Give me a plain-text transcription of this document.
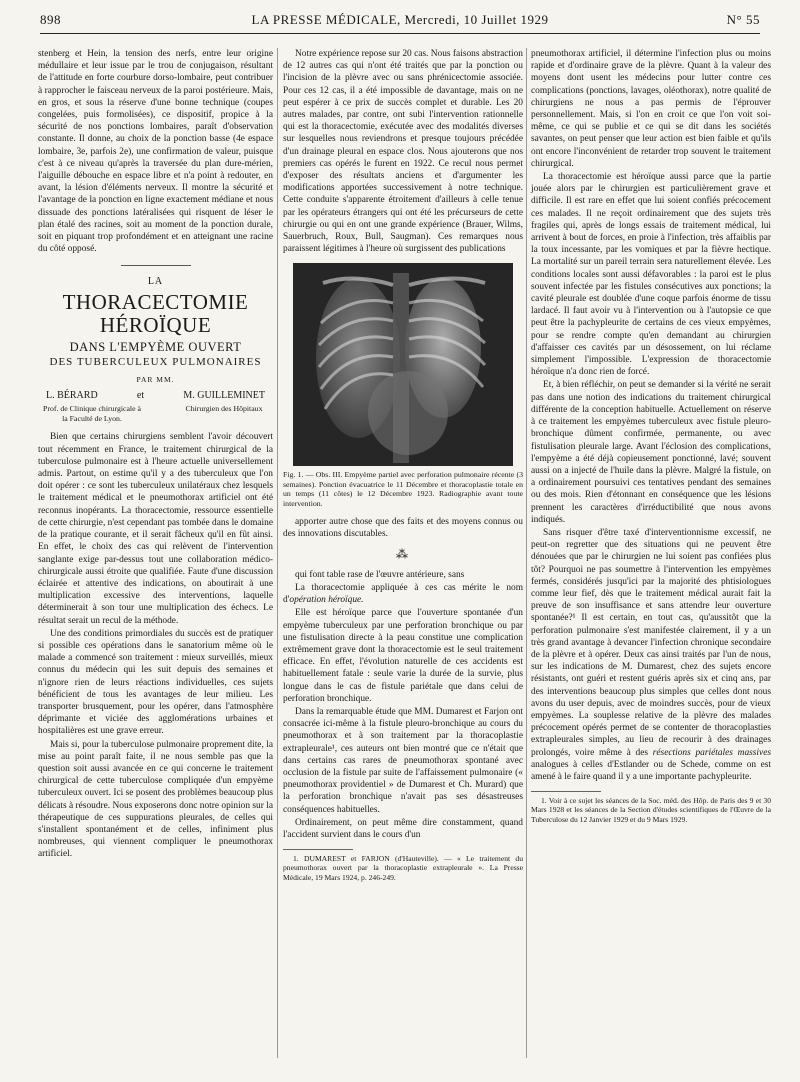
898	LA PRESSE MÉDICALE, Mercredi, 10 Juillet 1929	N° 55

stenberg et Hein, la tension des nerfs, entre leur origine médullaire et leur issue par le trou de conjugaison, résultant de l'attitude en forte courbure dorso-lombaire, peut contribuer à rapprocher le faisceau nerveux de la paroi postérieure. Mais, en gros, et sous la réserve d'une bonne technique (coupes congelées, puis formolisées), ce dispositif, propice à la sécurité de nos ponctions lombaires, paraît d'observation constante. Il donne, au choix de la ponction basse (4e espace lombaire, 3e, parfois 2e), une confirmation de valeur, puisque c'est à ce niveau qu'après la traversée du plan dure-mérien, l'aiguille débouche en espace libre et n'a point à redouter, en avant, la lésion d'éléments nerveux. Il montre la sécurité et l'avantage de la ponction en ligne exactement médiane et nous dissuade des ponctions latéralisées qui risquent de léser le plan étalé des racines, soit au moment de la ponction durale, soit en piquant trop profondément et en atteignant une racine du côté opposé.

LA
THORACECTOMIE HÉROÏQUE
DANS L'EMPYÈME OUVERT
DES TUBERCULEUX PULMONAIRES
PAR MM.
L. BÉRARD	et	M. GUILLEMINET
Prof. de Clinique chirurgicale à la Faculté de Lyon.
Chirurgien des Hôpitaux

Bien que certains chirurgiens semblent l'avoir découvert tout récemment en France, le traitement chirurgical de la tuberculose pulmonaire est à l'heure actuelle universellement admis. Partout, on estime qu'il y a des tuberculeux que l'on doit opérer : ce sont les tuberculeux unilatéraux chez lesquels le traitement médical et le pneumothorax artificiel ont été reconnus inopérants. La thoracectomie, ressource essentielle de cette chirurgie, n'est cependant pas tombée dans le domaine de la pratique courante, et il serait fâcheux qu'il en fût ainsi. En effet, le choix des cas qui relèvent de l'intervention sanglante exige par-dessus tout une collaboration médico-chirurgicale aussi étroite que qualifiée. Faute d'une discussion éclairée et attentive des indications, on aboutirait à une multiplication excessive des interventions, laquelle déterminerait à son tour une multiplication des échecs. Le résultat serait un recul de la méthode.

Une des conditions primordiales du succès est de pratiquer si possible ces opérations dans le sanatorium même où le malade a commencé son traitement : mieux surveillés, mieux connus du médecin qui les suit depuis des semaines et n'ignore rien de leurs réactions individuelles, ces sujets bénéficient de tous les avantages de leur milieu. Les transporter brusquement, pour les opérer, dans l'atmosphère déprimante et viciée des agglomérations urbaines et hospitalières est une grave erreur.

Mais si, pour la tuberculose pulmonaire proprement dite, la mise au point paraît faite, il ne nous semble pas que la question soit aussi avancée en ce qui concerne le traitement chirurgical de cette tuberculose compliquée d'un empyème tuberculeux ouvert. Ici se posent des problèmes beaucoup plus délicats à résoudre. Nous exposerons donc notre opinion sur la thérapeutique de ces suppurations pleurales, de celles qui s'installent spontanément et de celles, infiniment plus nombreuses, qui viennent compliquer le pneumothorax artificiel.

Notre expérience repose sur 20 cas. Nous faisons abstraction de 12 autres cas qui n'ont été traités que par la ponction ou l'incision de la plèvre avec ou sans phrénicectomie associée. Pour ces 12 cas, il a été impossible de davantage, mais on ne peut espérer à ce prix de succès complet et durable. Les 20 autres malades, par contre, ont subi l'intervention rationnelle qui est la thoracectomie, exécutée avec des modalités diverses sur lesquelles nous reviendrons et presque toujours précédée d'un drainage pleural en espace clos. Nous ajouterons que nos premiers cas opérés le furent en 1922. Ce recul nous permet d'exposer des résultats anciens et d'argumenter les modifications apportées successivement à notre technique. Cette conduite s'apparente étroitement d'ailleurs à celle tenue par les opérateurs étrangers qui ont été les précurseurs de cette chirurgie ou qui en ont une grande expérience (Brauer, Wilms, Sauerbruch, Roux, Bull, Saugman). Ces remarques nous paraissent légitimes à l'heure où surgissent des publications

Fig. 1. — Obs. III. Empyème partiel avec perforation pulmonaire récente (3 semaines). Ponction évacuatrice le 11 Décembre et thoracoplastie totale en un temps (11 côtes) le 12 Décembre 1923. Radiographie avant toute intervention.

apporter autre chose que des faits et des moyens connus ou des innovations discutables.

⁂

qui font table rase de l'œuvre antérieure, sans

La thoracectomie appliquée à ces cas mérite le nom d'opération héroïque.

Elle est héroïque parce que l'ouverture spontanée d'un empyème tuberculeux par une perforation bronchique ou par une fistulisation directe à la peau constitue une complication extrêmement grave dont la thoracectomie est le seul traitement efficace. En effet, l'évolution naturelle de ces accidents est habituellement fatale : seule varie la durée de la survie, plus longue dans le cas de fistule pariétale que dans celui de perforation bronchique.

Dans la remarquable étude que MM. Dumarest et Farjon ont consacrée ici-même à la fistule pleuro-bronchique au cours du pneumothorax et à son traitement par la thoracoplastie extrapleurale¹, ces auteurs ont bien montré que ce n'était que dans certains cas rares de pneumothorax spontané avec occlusion de la fistule par suite de l'affaissement pulmonaire (« pneumothorax providentiel » de Dumarest et Ch. Murard) que la perforation bronchique n'avait pas ses désastreuses conséquences habituelles.

Ordinairement, on peut même dire constamment, quand l'accident survient dans le cours d'un

1. DUMAREST et FARJON (d'Hauteville). — « Le traitement du pneumothorax ouvert par la thoracoplastie extrapleurale ». La Presse Médicale, 19 Mars 1924, p. 246-249.

pneumothorax artificiel, il détermine l'infection plus ou moins rapide et d'ordinaire grave de la plèvre. Quant à la valeur des moyens dont usent les médecins pour lutter contre ces complications (ponctions, lavages, oléothorax), notre qualité de chirurgiens ne nous a pas permis de l'éprouver personnellement. Mais, si l'on en croit ce que l'on voit soi-même, ce qui se publie et ce qui se dit dans les sociétés savantes, on peut penser que leur action est bien faible et qu'ils ont encore l'inconvénient de retarder trop souvent le traitement chirurgical.

La thoracectomie est héroïque aussi parce que la partie jouée alors par le chirurgien est particulièrement grave et difficile. Il est rare en effet que lui soient confiés précocement ces malades. Il ne reçoit ordinairement que des sujets très fragiles qui, après de longs essais de traitement médical, lui arrivent à bout de forces, en proie à l'infection, très affaiblis par la toux incessante, par les vomiques et par la fièvre hectique. La mortalité sur un pareil terrain sera naturellement élevée. Les conditions locales sont aussi défavorables : la paroi est le plus souvent infectée par les fistules consécutives aux ponctions; la cavité pleurale est doublée d'une coque parfois énorme de tissu lardacé. Il faut avoir vu à l'intervention ou à l'autopsie ce que peut être la pachypleurite de certains de ces vieux empyèmes, pour se rendre compte qu'en demandant au chirurgien d'affaisser ces cavités par un désossement, on lui réclame simplement l'impossible. L'expression de thoracectomie héroïque n'a donc rien de forcé.

Et, à bien réfléchir, on peut se demander si la vérité ne serait pas dans une notion des indications du traitement chirurgical différente de la conception habituelle. Actuellement on réserve à ce traitement les empyèmes tuberculeux avec fistule pleuro-bronchique dûment confirmée, permanente, ou avec fistulisation pleurale large. Avant l'éclosion des complications, l'empyème a été déjà copieusement ponctionné, lavé; souvent aussi on a injecté de l'huile dans la plèvre. Malgré la fistule, on a ordinairement poursuivi ces tentatives pendant des semaines ou des mois. Rien d'étonnant en conséquence que les lésions prennent les caractères d'irréductibilité que nous avons indiqués.

Sans risquer d'être taxé d'interventionnisme excessif, ne peut-on regretter que des situations qui ne peuvent être dénouées que par le chirurgien ne lui soient pas confiées plus tôt? Pourquoi ne pas soumettre à l'intervention les empyèmes fermés, considérés jusqu'ici par la majorité des phtisiologues comme leur fief, dès que le traitement médical aurait fait la preuve de son insuffisance et sans attendre leur ouverture spontanée?¹ Il est certain, en tout cas, qu'aussitôt que la perforation pulmonaire s'est manifestée clairement, il y a un très grand avantage à devancer l'infection chronique secondaire de la plèvre et à opérer. Deux cas ainsi traités par l'un de nous, sur les indications de M. Dumarest, chez des sujets encore résistants, ont guéri et restent guéris après six et cinq ans, par des interventions beaucoup plus simples que celles dont nous avons du user depuis, avec de moindres succès, pour de vieux empyèmes. La souplesse relative de la plèvre des malades précocement opérés permet de se contenter de thoracoplasties extrapleurales simples, au lieu de recourir à des drainages prolongés, voire même à des résections pariétales massives analogues à celles d'Estlander ou de Schede, comme on est amené à le faire quand il y a une importante pachypleurite.

1. Voir à ce sujet les séances de la Soc. méd. des Hôp. de Paris des 9 et 30 Mars 1928 et les séances de la Section d'études scientifiques de l'Œuvre de la Tuberculose du 12 Janvier 1929 et du 9 Mars 1929.
